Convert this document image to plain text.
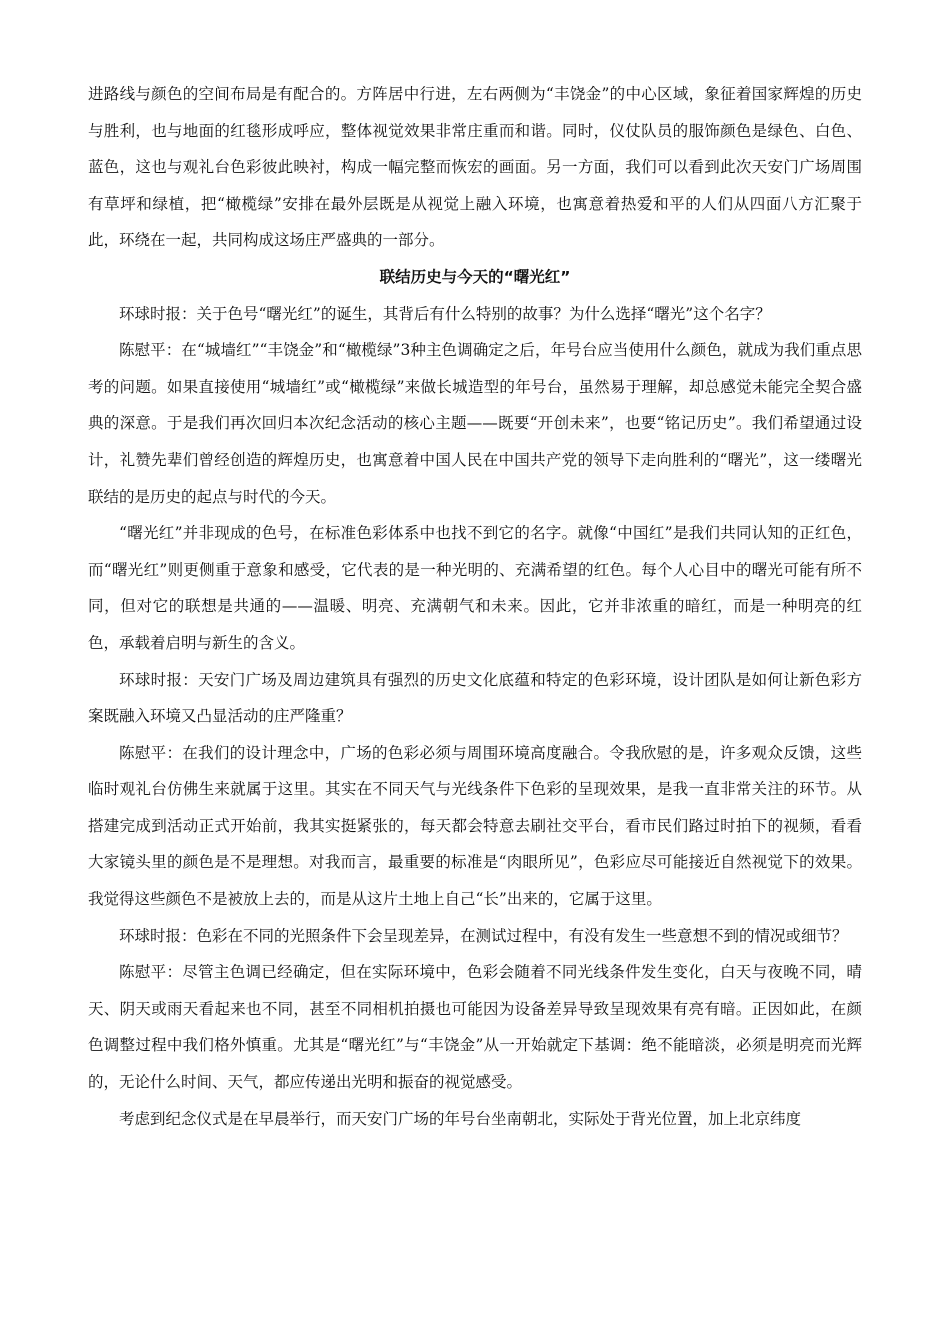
进路线与颜色的空间布局是有配合的。方阵居中行进，左右两侧为“丰饶金”的中心区域，象征着国家辉煌的历史与胜利，也与地面的红毯形成呼应，整体视觉效果非常庄重而和谐。同时，仪仗队员的服饰颜色是绿色、白色、蓝色，这也与观礼台色彩彼此映衬，构成一幅完整而恢宏的画面。另一方面，我们可以看到此次天安门广场周围有草坪和绿植，把“橄榄绿”安排在最外层既是从视觉上融入环境，也寓意着热爱和平的人们从四面八方汇聚于此，环绕在一起，共同构成这场庄严盛典的一部分。

联结历史与今天的“曙光红”

环球时报：关于色号“曙光红”的诞生，其背后有什么特别的故事？为什么选择“曙光”这个名字？

陈慰平：在“城墙红”“丰饶金”和“橄榄绿”3种主色调确定之后，年号台应当使用什么颜色，就成为我们重点思考的问题。如果直接使用“城墙红”或“橄榄绿”来做长城造型的年号台，虽然易于理解，却总感觉未能完全契合盛典的深意。于是我们再次回归本次纪念活动的核心主题——既要“开创未来”，也要“铭记历史”。我们希望通过设计，礼赞先辈们曾经创造的辉煌历史，也寓意着中国人民在中国共产党的领导下走向胜利的“曙光”，这一缕曙光联结的是历史的起点与时代的今天。

“曙光红”并非现成的色号，在标准色彩体系中也找不到它的名字。就像“中国红”是我们共同认知的正红色，而“曙光红”则更侧重于意象和感受，它代表的是一种光明的、充满希望的红色。每个人心目中的曙光可能有所不同，但对它的联想是共通的——温暖、明亮、充满朝气和未来。因此，它并非浓重的暗红，而是一种明亮的红色，承载着启明与新生的含义。

环球时报：天安门广场及周边建筑具有强烈的历史文化底蕴和特定的色彩环境，设计团队是如何让新色彩方案既融入环境又凸显活动的庄严隆重？

陈慰平：在我们的设计理念中，广场的色彩必须与周围环境高度融合。令我欣慰的是，许多观众反馈，这些临时观礼台仿佛生来就属于这里。其实在不同天气与光线条件下色彩的呈现效果，是我一直非常关注的环节。从搭建完成到活动正式开始前，我其实挺紧张的，每天都会特意去刷社交平台，看市民们路过时拍下的视频，看看大家镜头里的颜色是不是理想。对我而言，最重要的标准是“肉眼所见”，色彩应尽可能接近自然视觉下的效果。我觉得这些颜色不是被放上去的，而是从这片土地上自己“长”出来的，它属于这里。

环球时报：色彩在不同的光照条件下会呈现差异，在测试过程中，有没有发生一些意想不到的情况或细节？

陈慰平：尽管主色调已经确定，但在实际环境中，色彩会随着不同光线条件发生变化，白天与夜晚不同，晴天、阴天或雨天看起来也不同，甚至不同相机拍摄也可能因为设备差异导致呈现效果有亮有暗。正因如此，在颜色调整过程中我们格外慎重。尤其是“曙光红”与“丰饶金”从一开始就定下基调：绝不能暗淡，必须是明亮而光辉的，无论什么时间、天气，都应传递出光明和振奋的视觉感受。

考虑到纪念仪式是在早晨举行，而天安门广场的年号台坐南朝北，实际处于背光位置，加上北京纬度
